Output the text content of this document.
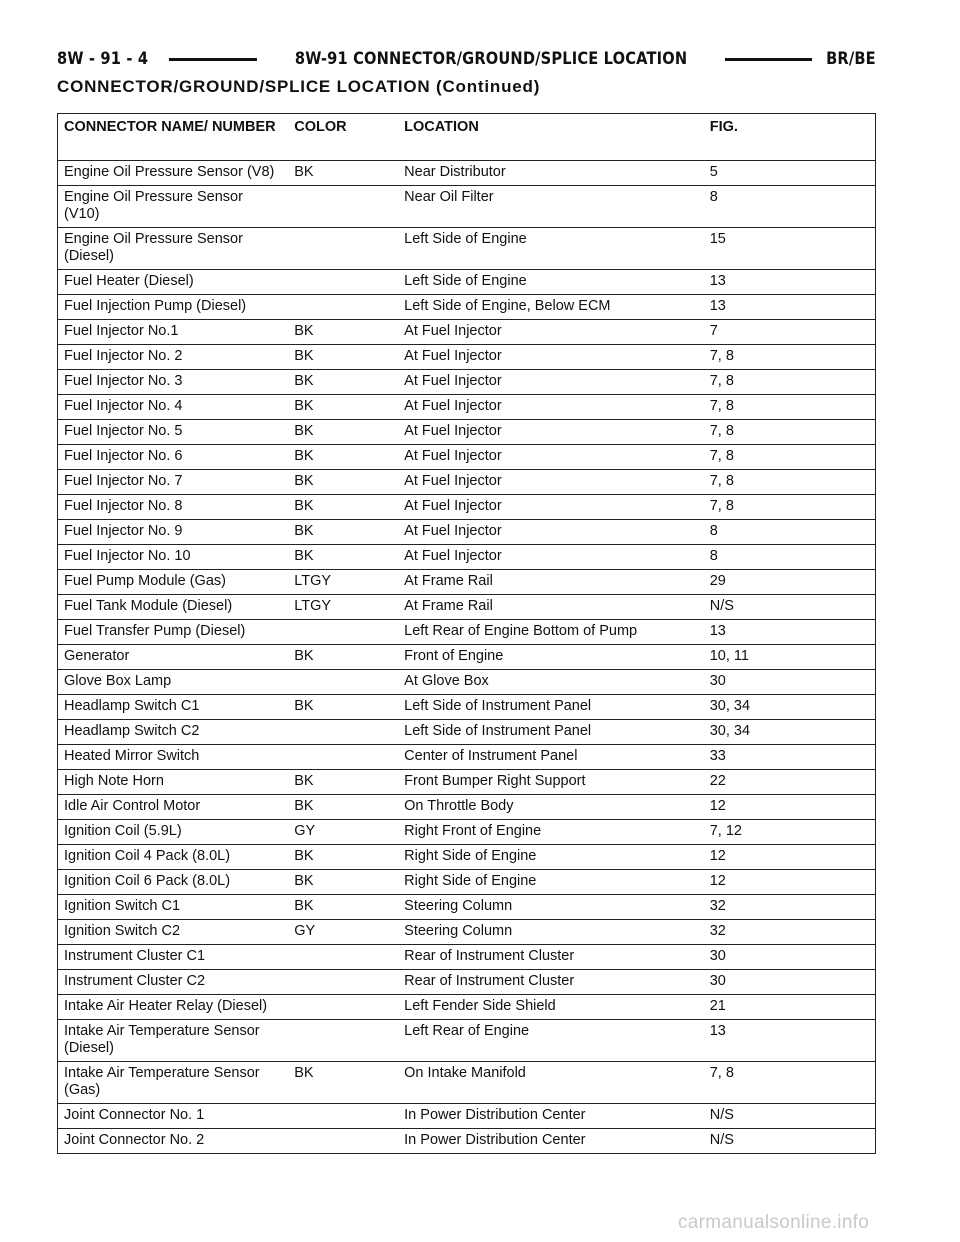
8W - 91 - 4	8W-91 CONNECTOR/GROUND/SPLICE LOCATION	BR/BE
CONNECTOR/GROUND/SPLICE LOCATION (Continued)
CONNECTOR NAME/ NUMBER	COLOR	LOCATION	FIG.
Engine Oil Pressure Sensor (V8)	BK	Near Distributor	5
Engine Oil Pressure Sensor (V10)		Near Oil Filter	8
Engine Oil Pressure Sensor (Diesel)		Left Side of Engine	15
Fuel Heater (Diesel)		Left Side of Engine	13
Fuel Injection Pump (Diesel)		Left Side of Engine, Below ECM	13
Fuel Injector No.1	BK	At Fuel Injector	7
Fuel Injector No. 2	BK	At Fuel Injector	7, 8
Fuel Injector No. 3	BK	At Fuel Injector	7, 8
Fuel Injector No. 4	BK	At Fuel Injector	7, 8
Fuel Injector No. 5	BK	At Fuel Injector	7, 8
Fuel Injector No. 6	BK	At Fuel Injector	7, 8
Fuel Injector No. 7	BK	At Fuel Injector	7, 8
Fuel Injector No. 8	BK	At Fuel Injector	7, 8
Fuel Injector No. 9	BK	At Fuel Injector	8
Fuel Injector No. 10	BK	At Fuel Injector	8
Fuel Pump Module (Gas)	LTGY	At Frame Rail	29
Fuel Tank Module (Diesel)	LTGY	At Frame Rail	N/S
Fuel Transfer Pump (Diesel)		Left Rear of Engine Bottom of Pump	13
Generator	BK	Front of Engine	10, 11
Glove Box Lamp		At Glove Box	30
Headlamp Switch C1	BK	Left Side of Instrument Panel	30, 34
Headlamp Switch C2		Left Side of Instrument Panel	30, 34
Heated Mirror Switch		Center of Instrument Panel	33
High Note Horn	BK	Front Bumper Right Support	22
Idle Air Control Motor	BK	On Throttle Body	12
Ignition Coil (5.9L)	GY	Right Front of Engine	7, 12
Ignition Coil 4 Pack (8.0L)	BK	Right Side of Engine	12
Ignition Coil 6 Pack (8.0L)	BK	Right Side of Engine	12
Ignition Switch C1	BK	Steering Column	32
Ignition Switch C2	GY	Steering Column	32
Instrument Cluster C1		Rear of Instrument Cluster	30
Instrument Cluster C2		Rear of Instrument Cluster	30
Intake Air Heater Relay (Diesel)		Left Fender Side Shield	21
Intake Air Temperature Sensor (Diesel)		Left Rear of Engine	13
Intake Air Temperature Sensor (Gas)	BK	On Intake Manifold	7, 8
Joint Connector No. 1		In Power Distribution Center	N/S
Joint Connector No. 2		In Power Distribution Center	N/S
carmanualsonline.info
